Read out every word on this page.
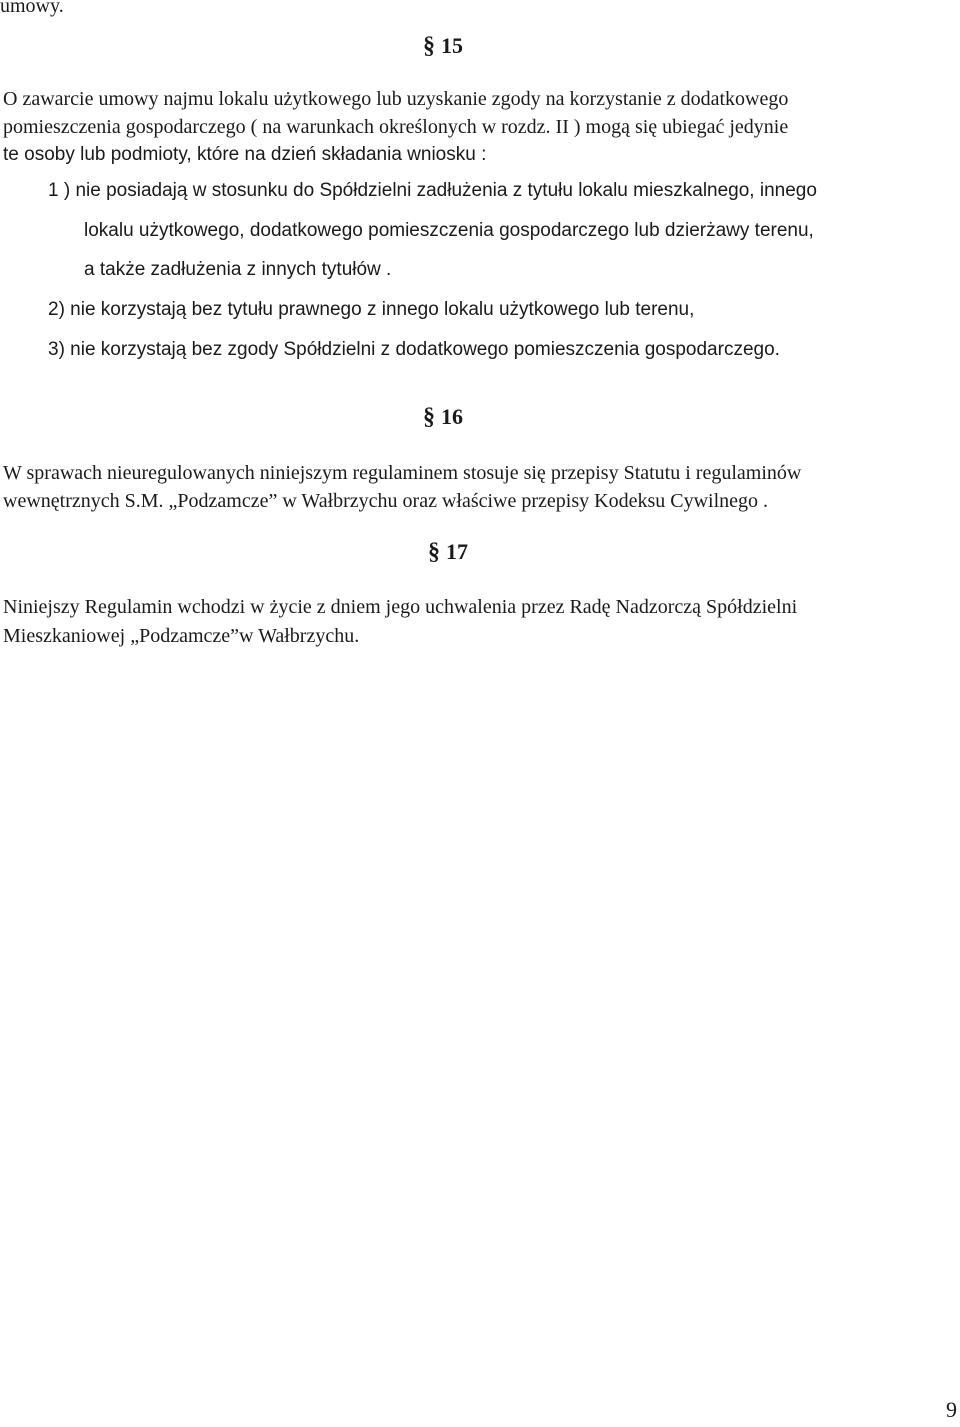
umowy.
§ 15
O zawarcie umowy najmu lokalu użytkowego lub uzyskanie zgody na korzystanie z dodatkowego
pomieszczenia gospodarczego ( na warunkach określonych w rozdz. II ) mogą się ubiegać jedynie
te osoby lub podmioty, które na dzień składania wniosku :
1 ) nie posiadają w stosunku do Spółdzielni zadłużenia z tytułu lokalu mieszkalnego, innego
lokalu użytkowego, dodatkowego pomieszczenia gospodarczego lub dzierżawy terenu,
a także zadłużenia z innych tytułów .
2) nie korzystają bez tytułu prawnego z innego lokalu użytkowego lub terenu,
3) nie korzystają bez zgody Spółdzielni z dodatkowego pomieszczenia gospodarczego.
§ 16
W sprawach nieuregulowanych niniejszym regulaminem stosuje się przepisy Statutu i regulaminów
wewnętrznych S.M. „Podzamcze” w Wałbrzychu oraz właściwe przepisy Kodeksu Cywilnego .
§ 17
Niniejszy Regulamin wchodzi w życie z dniem jego uchwalenia przez Radę Nadzorczą Spółdzielni
Mieszkaniowej „Podzamcze”w Wałbrzychu.
9
